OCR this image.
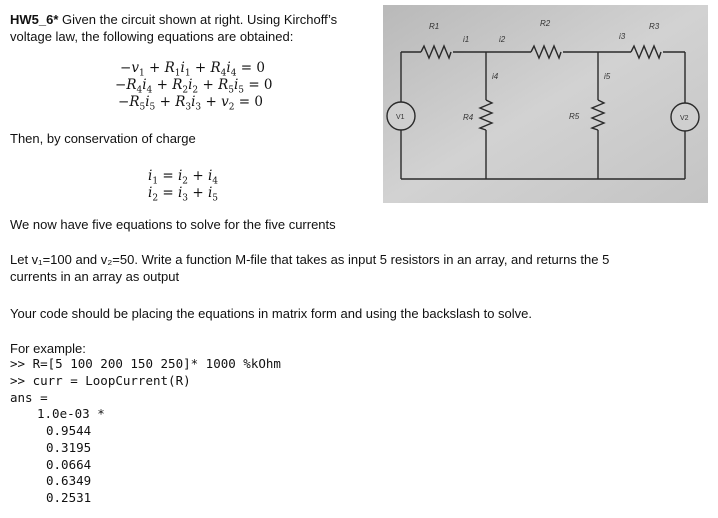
HW5_6* Given the circuit shown at right. Using Kirchoff’s
voltage law, the following equations are obtained:
$-v_1 + R_1i_1 + R_4i_4 = 0$
$-R_4i_4 + R_2i_2 + R_5i_5 = 0$
$-R_5i_5 + R_3i_3 + v_2 = 0$
Then, by conservation of charge
$i_1 = i_2 + i_4$
$i_2 = i_3 + i_5$
We now have five equations to solve for the five currents
Let v₁=100 and v₂=50. Write a function M-file that takes as input 5 resistors in an array, and returns the 5 currents in an array as output
Your code should be placing the equations in matrix form and using the backslash to solve.
For example:
>> R=[5 100 200 150 250]* 1000 %kOhm
>> curr = LoopCurrent(R)
ans =
1.0e-03 *
0.9544
0.3195
0.0664
0.6349
0.2531
V1	V2
R1	R2	R3
R4	R5
i1	i2	i3
i4	i5
